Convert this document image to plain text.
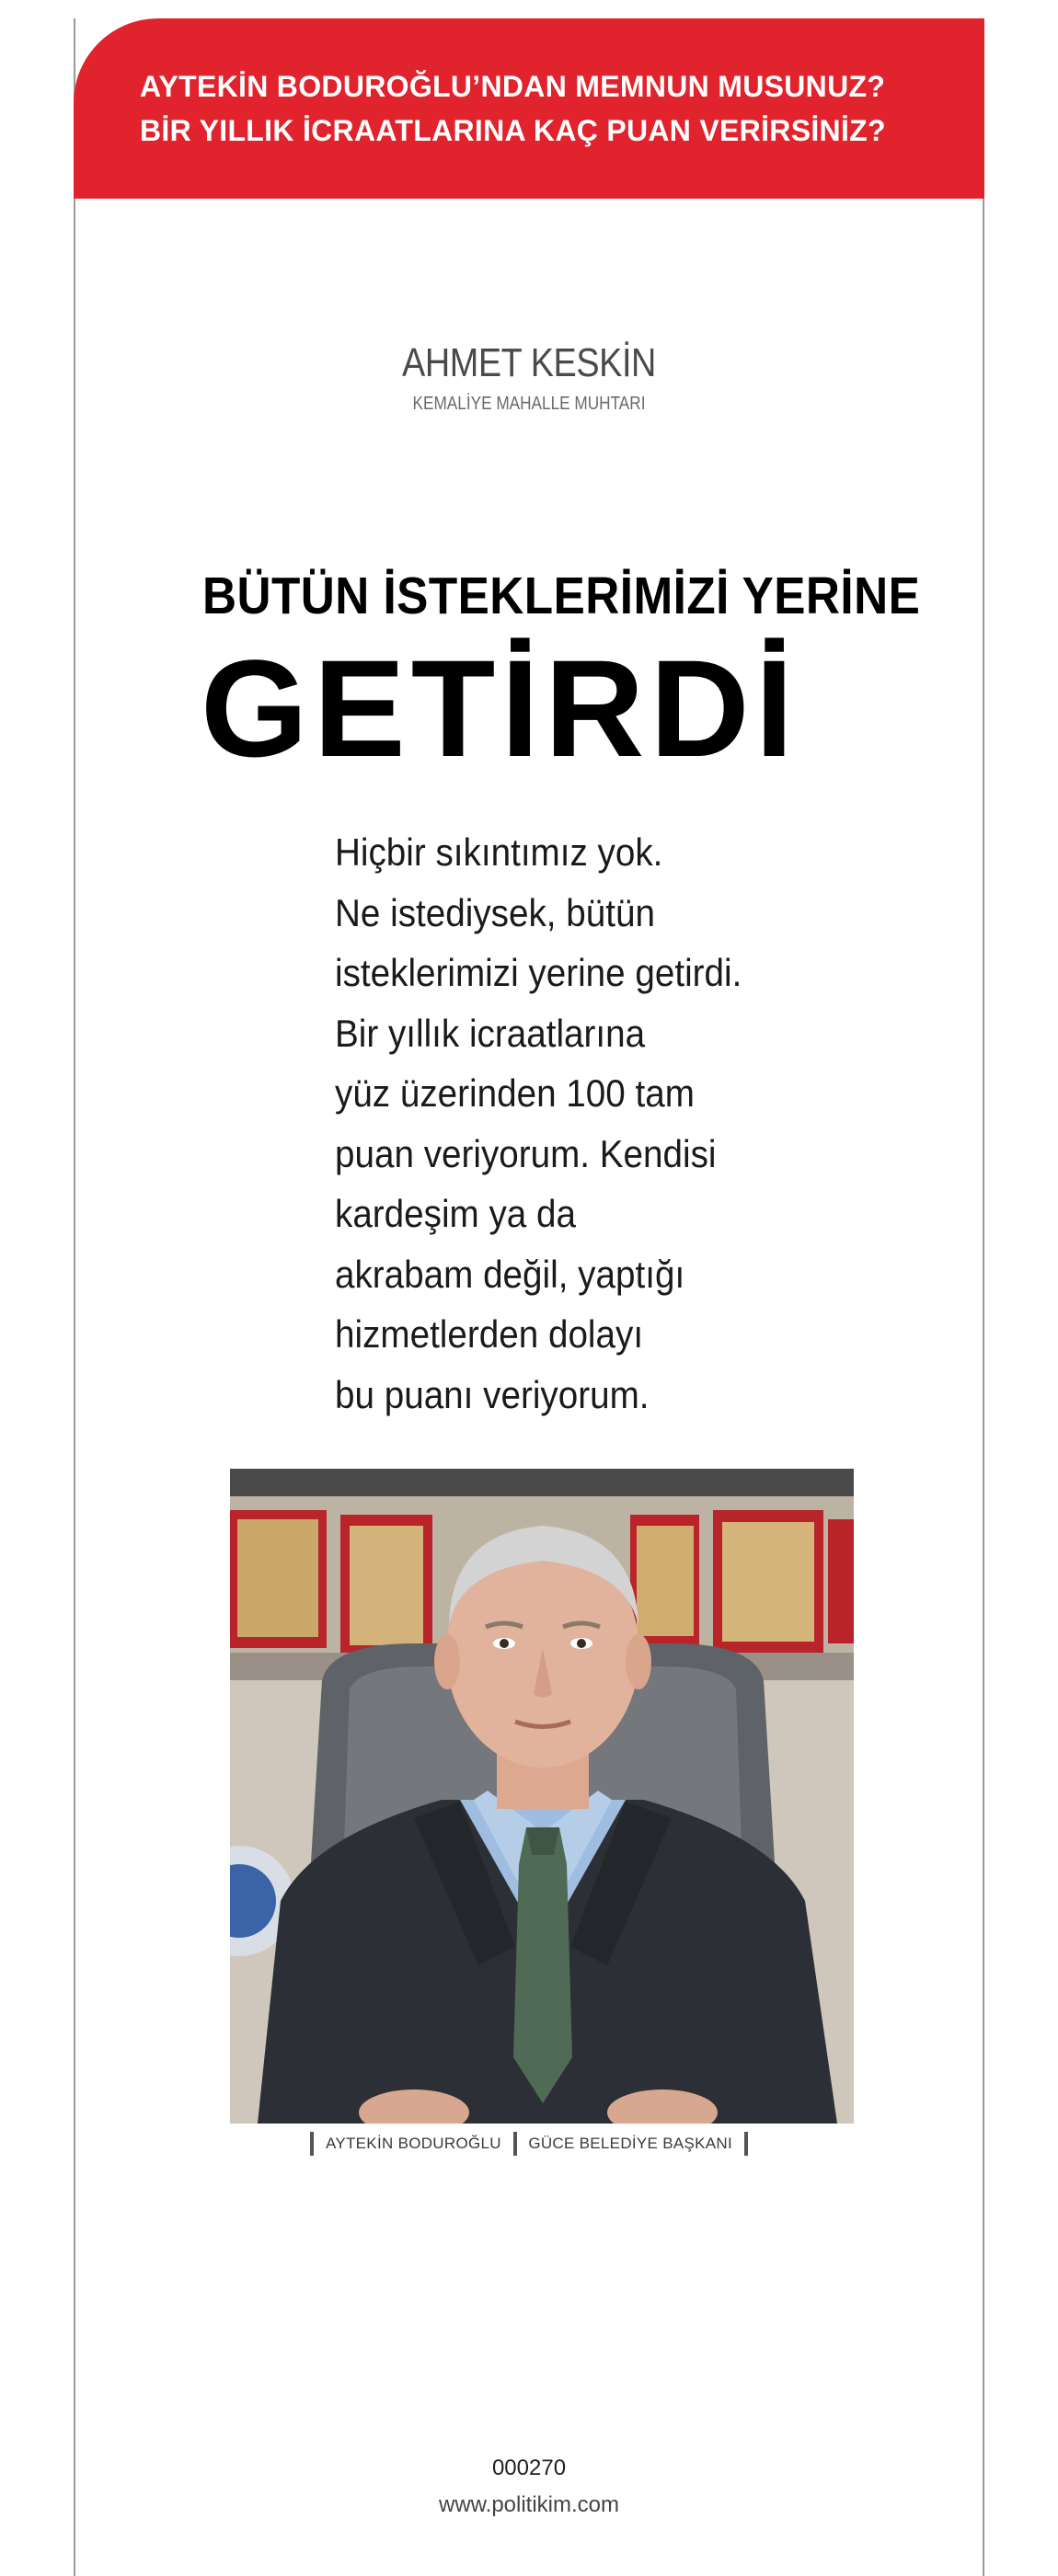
AYTEKİN BODUROĞLU’NDAN MEMNUN MUSUNUZ?
BİR YILLIK İCRAATLARINA KAÇ PUAN VERİRSİNİZ?
AHMET KESKİN
KEMALİYE MAHALLE MUHTARI
BÜTÜN İSTEKLERİMİZİ YERİNE
GETİRDİ
Hiçbir sıkıntımız yok.
Ne istediysek, bütün
isteklerimizi yerine getirdi.
Bir yıllık icraatlarına
yüz üzerinden 100 tam
puan veriyorum. Kendisi
kardeşim ya da
akrabam değil, yaptığı
hizmetlerden dolayı
bu puanı veriyorum.
AYTEKİN BODUROĞLU GÜCE BELEDİYE BAŞKANI
000270
www.politikim.com
